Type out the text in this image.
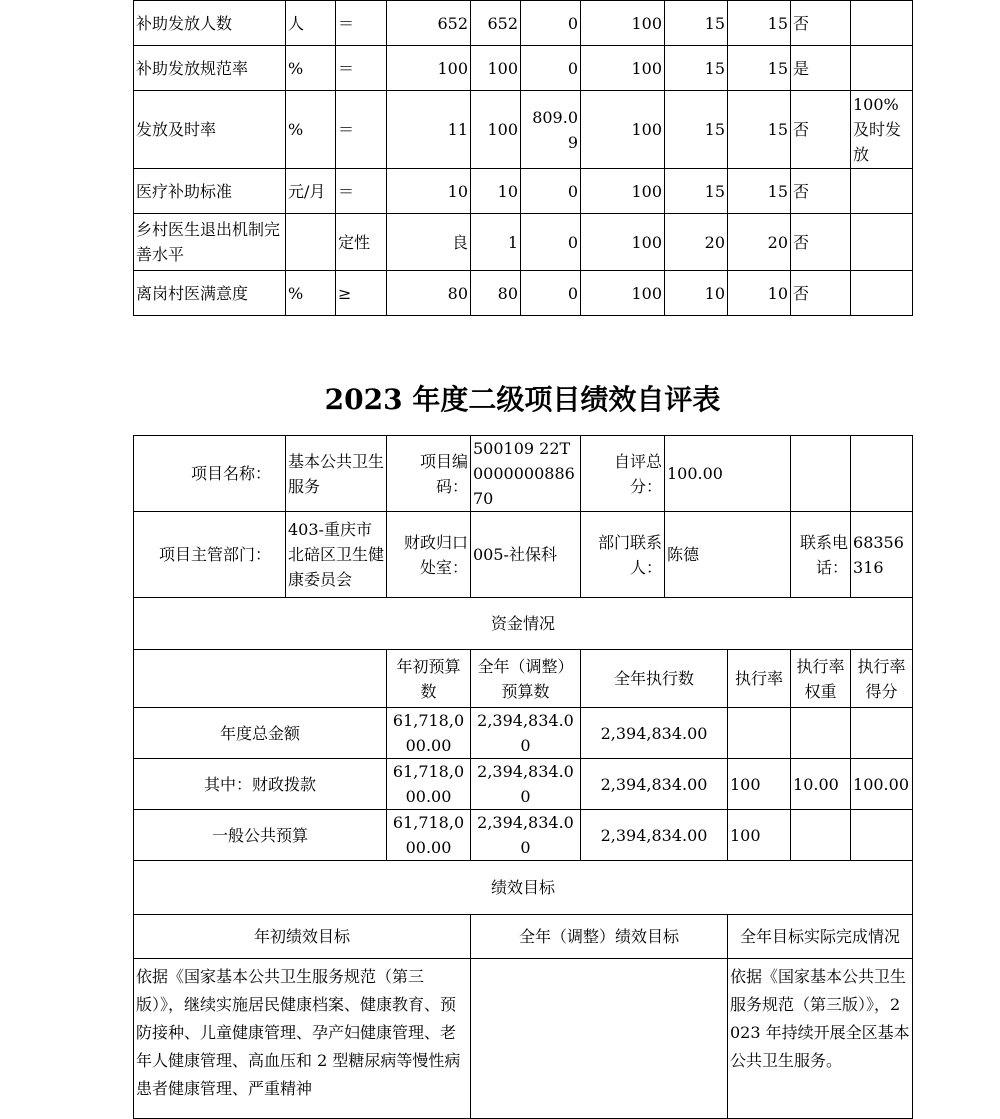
补助发放人数	人	＝	652	652	0	100	15	15	否	
补助发放规范率	%	＝	100	100	0	100	15	15	是	
发放及时率	%	＝	11	100	809.09	100	15	15	否	100%及时发放
医疗补助标准	元/月	＝	10	10	0	100	15	15	否	
乡村医生退出机制完善水平		定性	良	1	0	100	20	20	否	
离岗村医满意度	%	≥	80	80	0	100	10	10	否	
2023 年度二级项目绩效自评表
项目名称：	基本公共卫生服务	项目编码：	500109 22T000000088670	自评总分：	100.00			
项目主管部门：	403-重庆市北碚区卫生健康委员会	财政归口处室：	005-社保科	部门联系人：	陈德		联系电话：	68356316
资金情况								
		年初预算数	全年（调整）预算数	全年执行数		执行率	执行率权重	执行率得分
年度总金额		61,718,000.00	2,394,834.00	2,394,834.00				
其中：财政拨款		61,718,000.00	2,394,834.00	2,394,834.00		100	10.00	100.00
一般公共预算		61,718,000.00	2,394,834.00	2,394,834.00		100		
绩效目标								
年初绩效目标			全年（调整）绩效目标			全年目标实际完成情况		
依据《国家基本公共卫生服务规范（第三版）》，继续实施居民健康档案、健康教育、预防接种、儿童健康管理、孕产妇健康管理、老年人健康管理、高血压和 2 型糖尿病等慢性病患者健康管理、严重精神						依据《国家基本公共卫生服务规范（第三版）》，2023 年持续开展全区基本公共卫生服务。		
